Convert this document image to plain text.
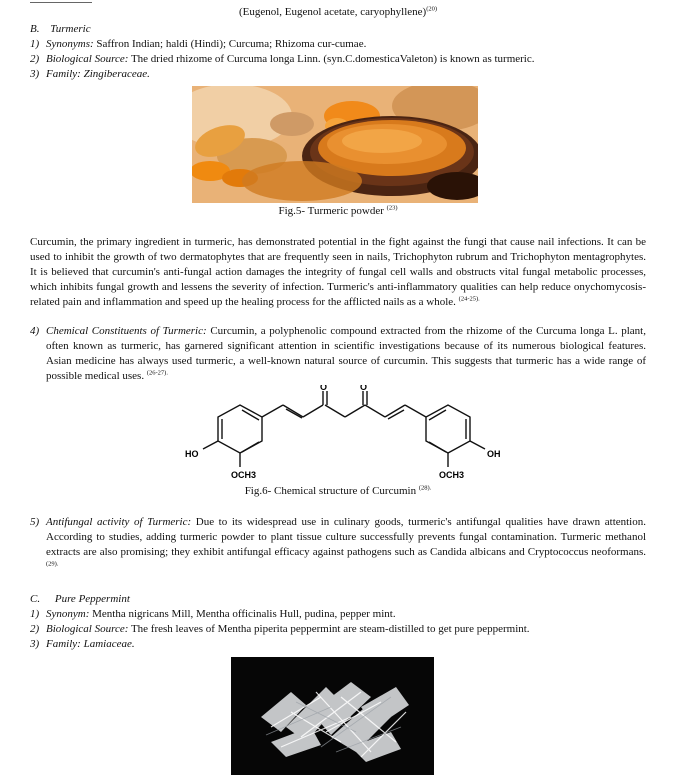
(Eugenol, Eugenol acetate, caryophyllene)$^{(20)}$
B. Turmeric
1) Synonyms: Saffron Indian; haldi (Hindi); Curcuma; Rhizoma cur-cumae.
2) Biological Source: The dried rhizome of Curcuma longa Linn. (syn.C.domesticaValeton) is known as turmeric.
3) Family: Zingiberaceae.
Fig.5- Turmeric powder $^{(23)}$
Curcumin, the primary ingredient in turmeric, has demonstrated potential in the fight against the fungi that cause nail infections. It can be used to inhibit the growth of two dermatophytes that are frequently seen in nails, Trichophyton rubrum and Trichophyton mentagrophytes. It is believed that curcumin's anti-fungal action damages the integrity of fungal cell walls and obstructs vital fungal metabolic processes, which inhibits fungal growth and lessens the severity of infection. Turmeric's anti-inflammatory qualities can help reduce onychomycosis-related pain and inflammation and speed up the healing process for the afflicted nails as a whole. $^{(24-25).}$
4) Chemical Constituents of Turmeric: Curcumin, a polyphenolic compound extracted from the rhizome of the Curcuma longa L. plant, often known as turmeric, has garnered significant attention in scientific investigations because of its numerous biological features. Asian medicine has always used turmeric, a well-known natural source of curcumin. This suggests that turmeric has a wide range of possible medical uses. $^{(26-27).}$
HO	OH
OCH3	OCH3
O	O
Fig.6- Chemical structure of Curcumin $^{(28).}$
5) Antifungal activity of Turmeric: Due to its widespread use in culinary goods, turmeric's antifungal qualities have drawn attention. According to studies, adding turmeric powder to plant tissue culture successfully prevents fungal contamination. Turmeric methanol extracts are also promising; they exhibit antifungal efficacy against pathogens such as Candida albicans and Cryptococcus neoformans. $^{(29).}$
C. Pure Peppermint
1) Synonym: Mentha nigricans Mill, Mentha officinalis Hull, pudina, pepper mint.
2) Biological Source: The fresh leaves of Mentha piperita peppermint are steam-distilled to get pure peppermint.
3) Family: Lamiaceae.
